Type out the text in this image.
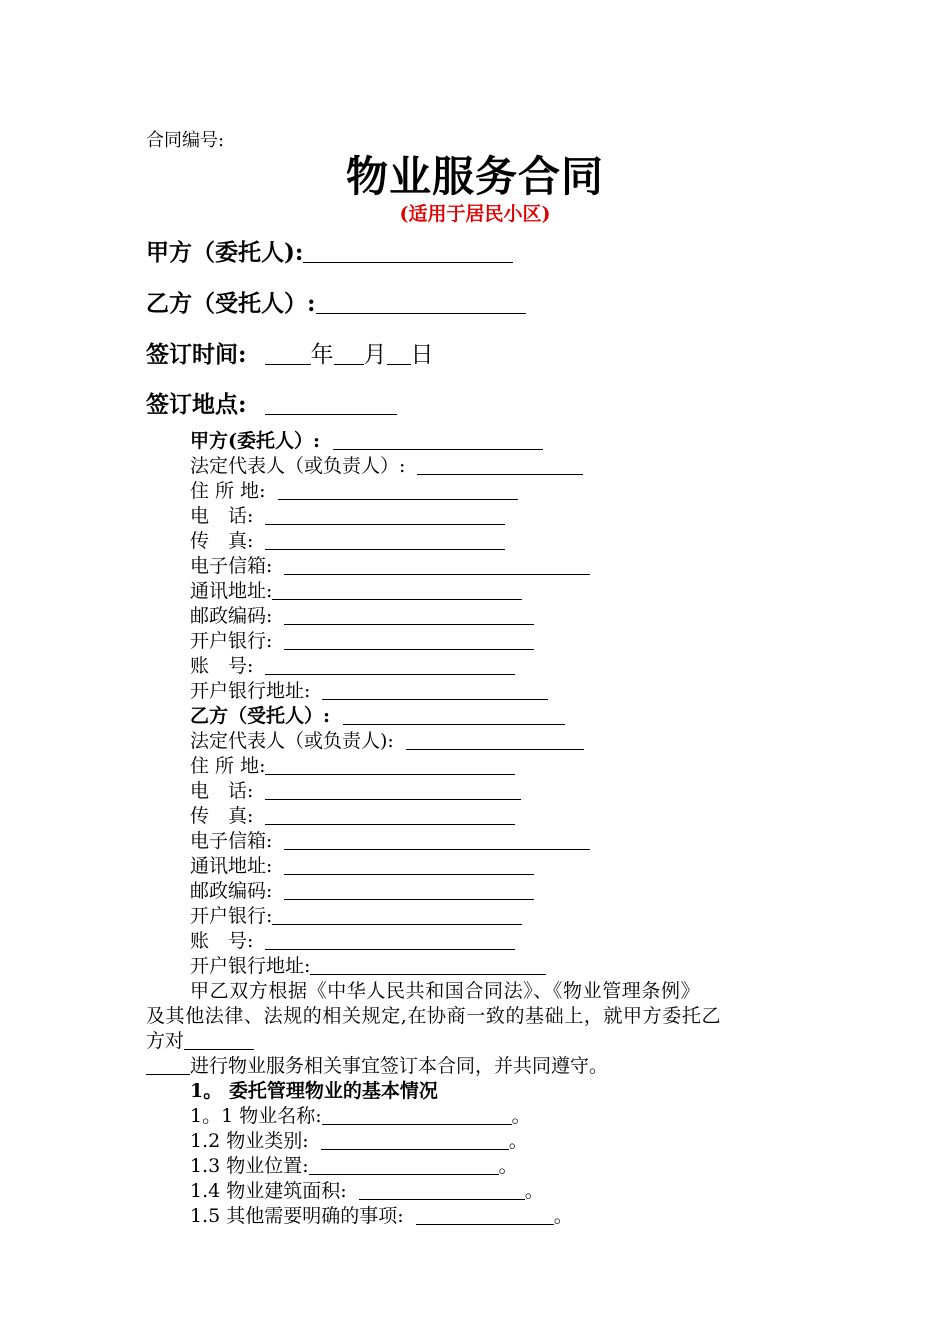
合同编号:
物业服务合同
(适用于居民小区)
甲方（委托人):
乙方（受托人）:
签订时间:	年 月 日
签订地点:
甲方(委托人）:
法定代表人（或负责人）:
住 所 地:
电　话:
传　真:
电子信箱:
通讯地址:
邮政编码:
开户银行:
账　号:
开户银行地址:
乙方（受托人）:
法定代表人（或负责人):
住 所 地:
电　话:
传　真:
电子信箱:
通讯地址:
邮政编码:
开户银行:
账　号:
开户银行地址:
甲乙双方根据《中华人民共和国合同法》、《物业管理条例》
及其他法律、法规的相关规定,在协商一致的基础上，就甲方委托乙
方对
进行物业服务相关事宜签订本合同，并共同遵守。
1。 委托管理物业的基本情况
1。1 物业名称:	。
1.2 物业类别:	。
1.3 物业位置:	。
1.4 物业建筑面积:	。
1.5 其他需要明确的事项:	。
